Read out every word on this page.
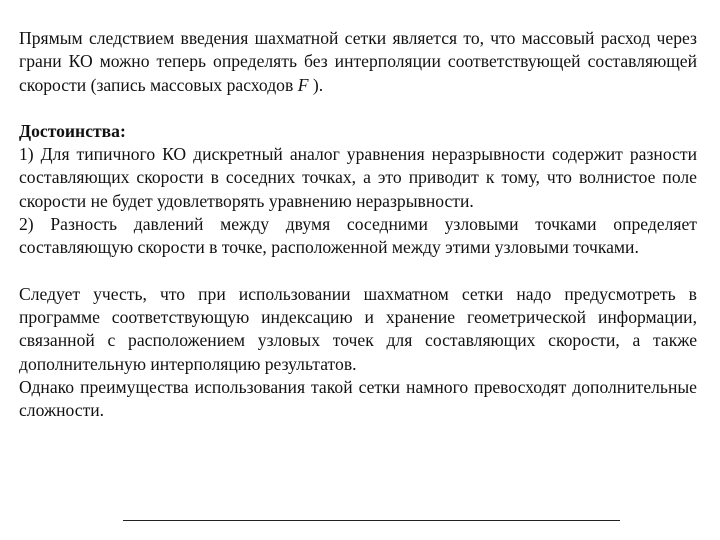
Прямым следствием введения шахматной сетки является то, что массовый расход через грани КО можно теперь определять без интерполяции соответствующей составляющей скорости (запись массовых расходов F ).

Достоинства:

1) Для типичного КО дискретный аналог уравнения неразрывности содержит разности составляющих скорости в соседних точках, а это приводит к тому, что волнистое поле скорости не будет удовлетворять уравнению неразрывности.

2) Разность давлений между двумя соседними узловыми точками определяет составляющую скорости в точке, расположенной между этими узловыми точками.

Следует учесть, что при использовании шахматном сетки надо предусмотреть в программе соответствующую индексацию и хранение геометрической информации, связанной с расположением узловых точек для составляющих скорости, а также дополнительную интерполяцию результатов.

Однако преимущества использования такой сетки намного превосходят дополнительные сложности.
